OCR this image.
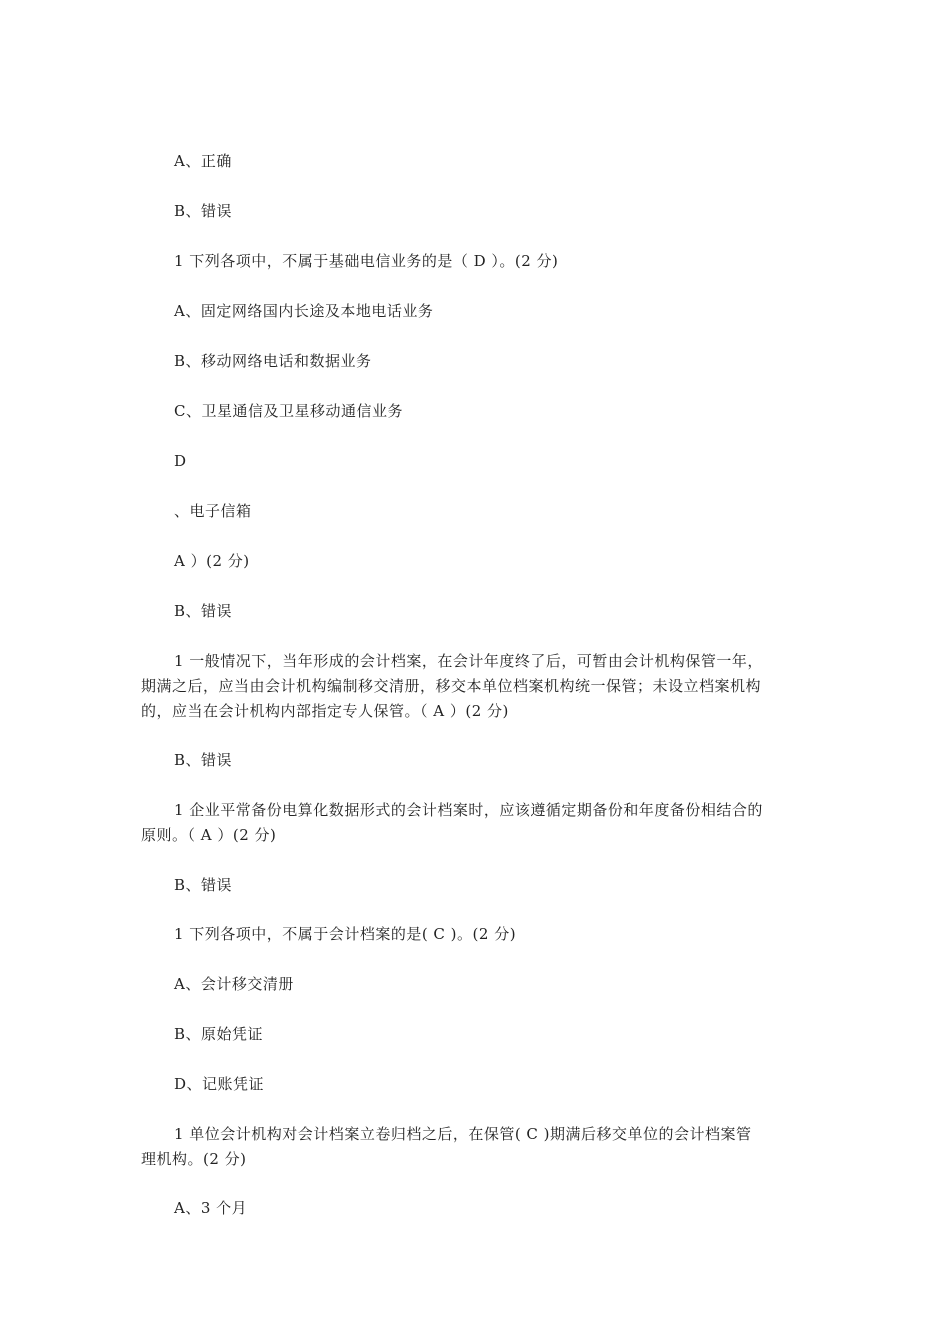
A、正确
B、错误
1 下列各项中，不属于基础电信业务的是（ D ）。(2 分)
A、固定网络国内长途及本地电话业务
B、移动网络电话和数据业务
C、卫星通信及卫星移动通信业务
D
、电子信箱
A ）(2 分)
B、错误
1 一般情况下，当年形成的会计档案，在会计年度终了后，可暂由会计机构保管一年，
期满之后，应当由会计机构编制移交清册，移交本单位档案机构统一保管；未设立档案机构
的，应当在会计机构内部指定专人保管。（ A ）(2 分)
B、错误
1 企业平常备份电算化数据形式的会计档案时，应该遵循定期备份和年度备份相结合的
原则。（ A ）(2 分)
B、错误
1 下列各项中，不属于会计档案的是( C )。(2 分)
A、会计移交清册
B、原始凭证
D、记账凭证
1 单位会计机构对会计档案立卷归档之后，在保管( C )期满后移交单位的会计档案管
理机构。(2 分)
A、3 个月
